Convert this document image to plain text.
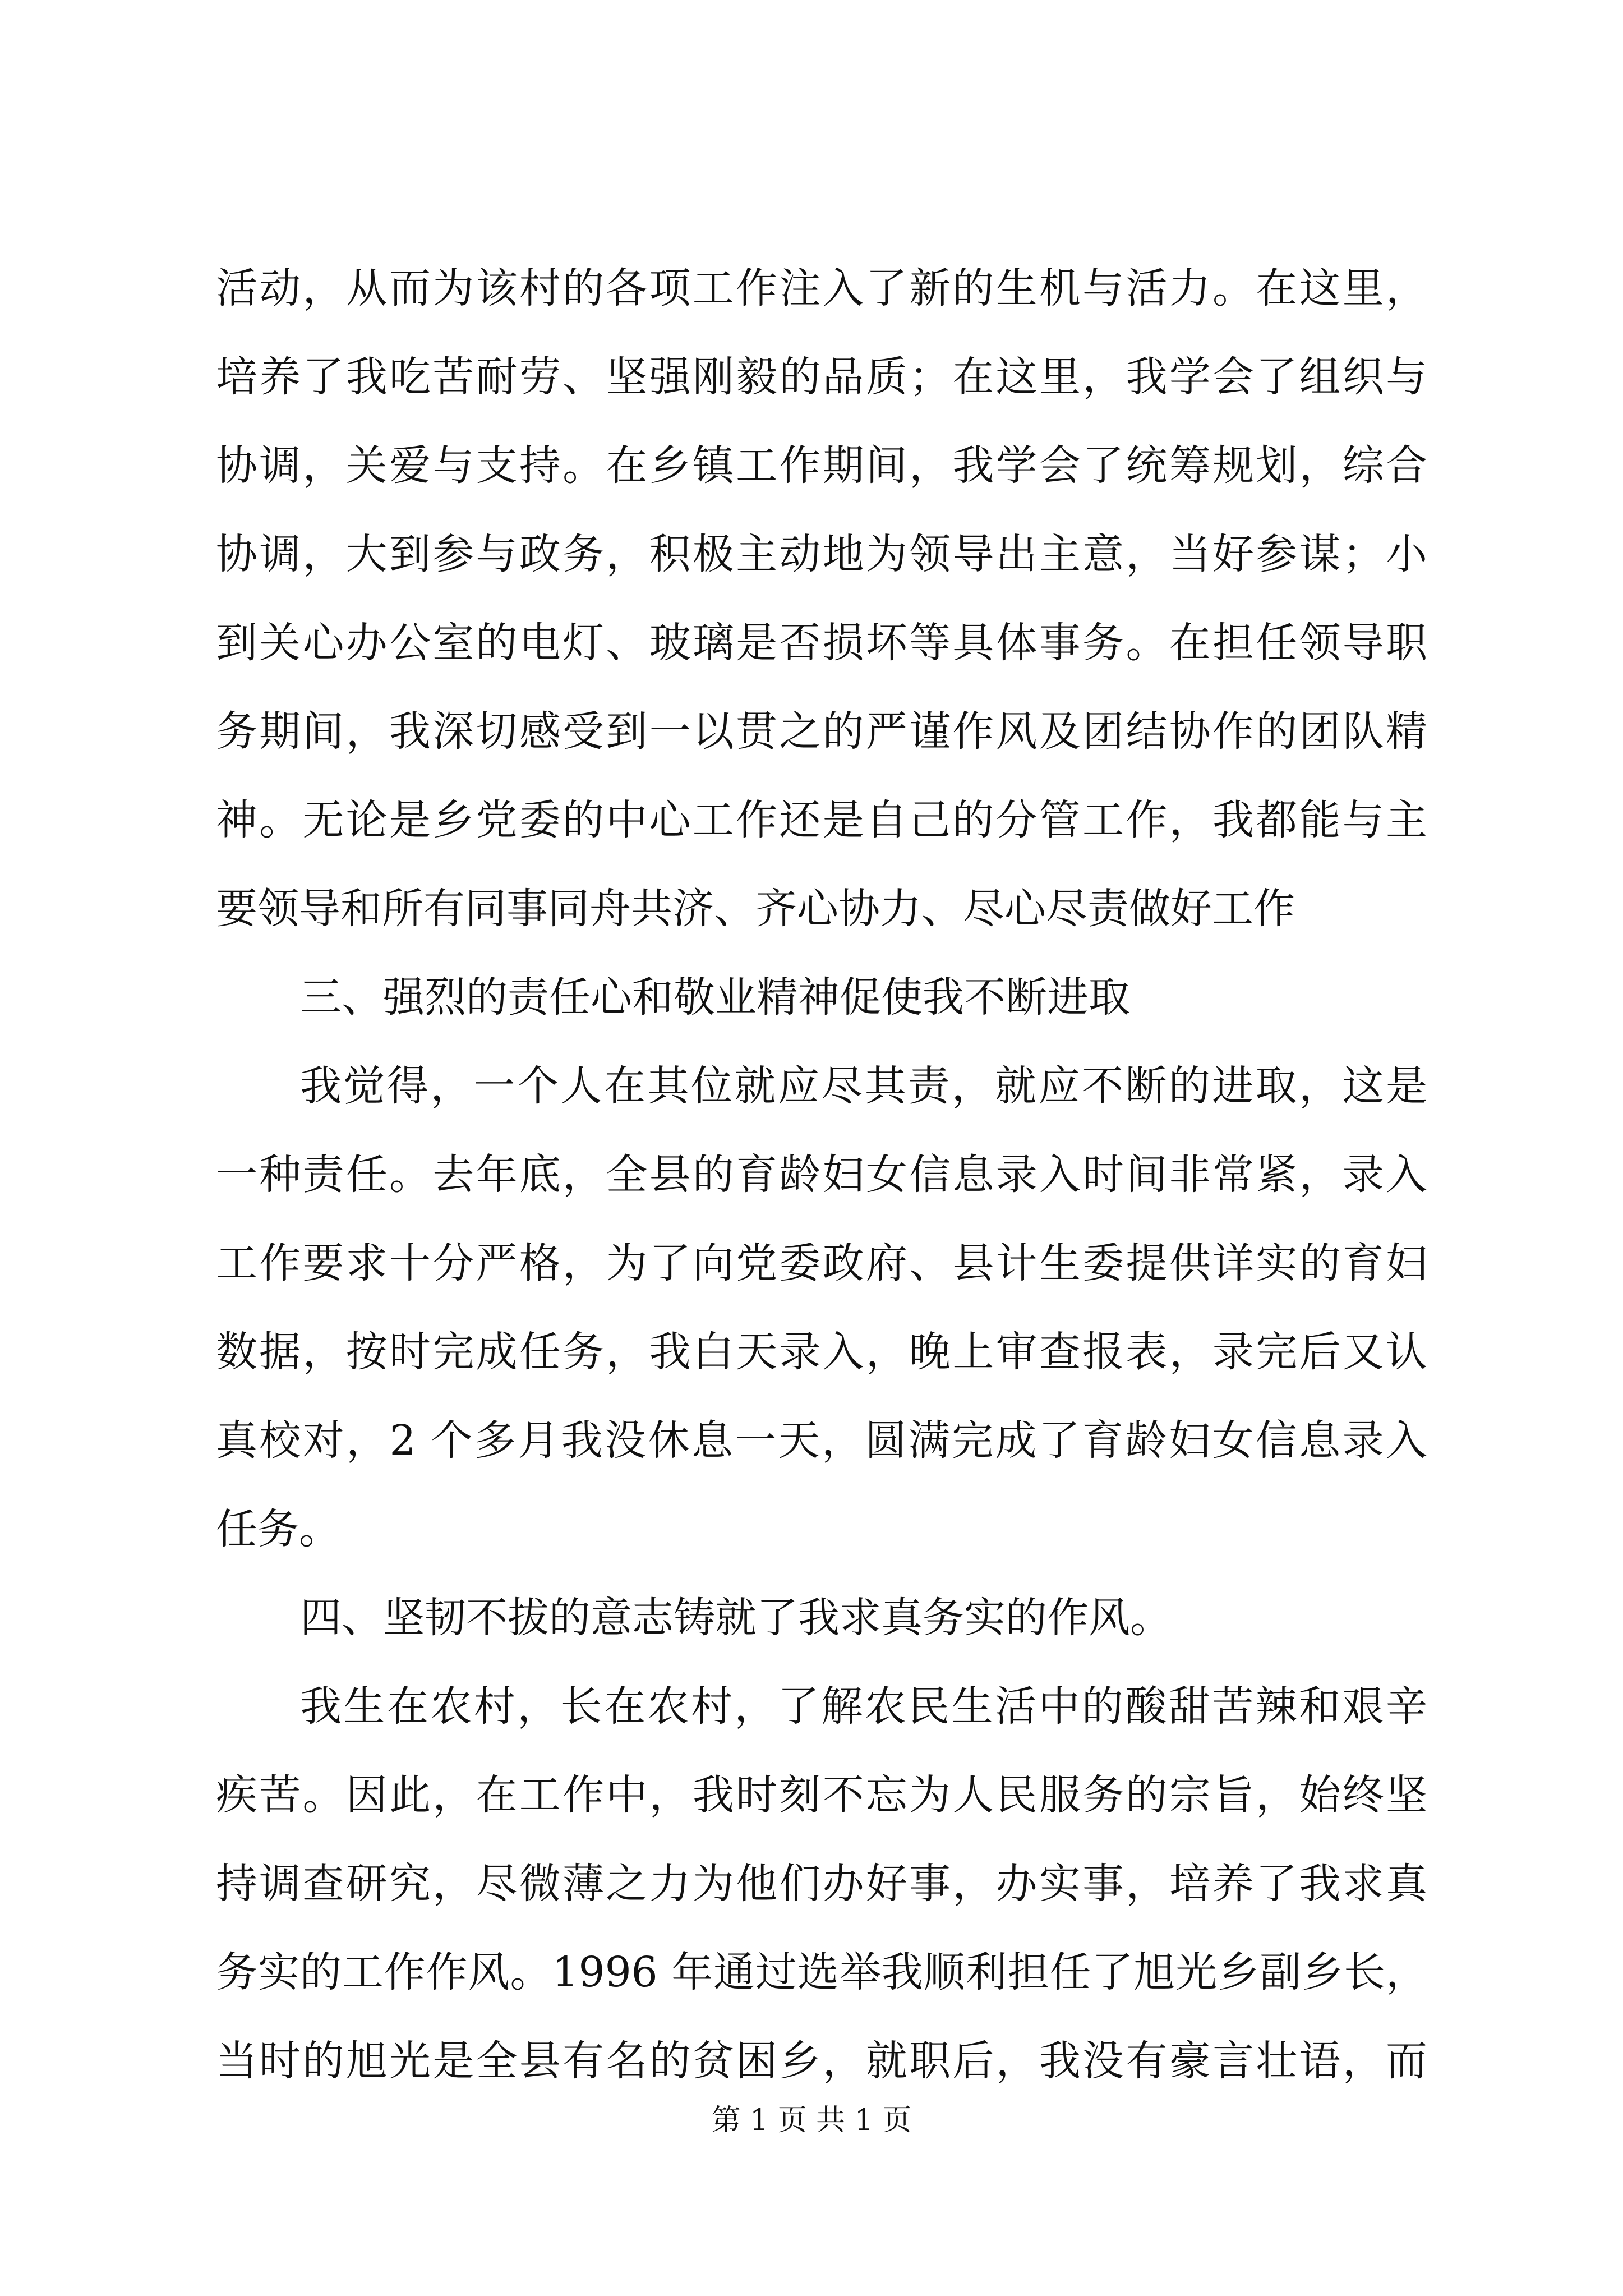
活动，从而为该村的各项工作注入了新的生机与活力。在这里，
培养了我吃苦耐劳、坚强刚毅的品质；在这里，我学会了组织与
协调，关爱与支持。在乡镇工作期间，我学会了统筹规划，综合
协调，大到参与政务，积极主动地为领导出主意，当好参谋；小
到关心办公室的电灯、玻璃是否损坏等具体事务。在担任领导职
务期间，我深切感受到一以贯之的严谨作风及团结协作的团队精
神。无论是乡党委的中心工作还是自己的分管工作，我都能与主
要领导和所有同事同舟共济、齐心协力、尽心尽责做好工作
三、强烈的责任心和敬业精神促使我不断进取
我觉得，一个人在其位就应尽其责，就应不断的进取，这是
一种责任。去年底，全县的育龄妇女信息录入时间非常紧，录入
工作要求十分严格，为了向党委政府、县计生委提供详实的育妇
数据，按时完成任务，我白天录入，晚上审查报表，录完后又认
真校对，2 个多月我没休息一天，圆满完成了育龄妇女信息录入
任务。
四、坚韧不拔的意志铸就了我求真务实的作风。
我生在农村，长在农村，了解农民生活中的酸甜苦辣和艰辛
疾苦。因此，在工作中，我时刻不忘为人民服务的宗旨，始终坚
持调查研究，尽微薄之力为他们办好事，办实事，培养了我求真
务实的工作作风。1996 年通过选举我顺利担任了旭光乡副乡长，
当时的旭光是全县有名的贫困乡，就职后，我没有豪言壮语，而
第 1 页 共 1 页
